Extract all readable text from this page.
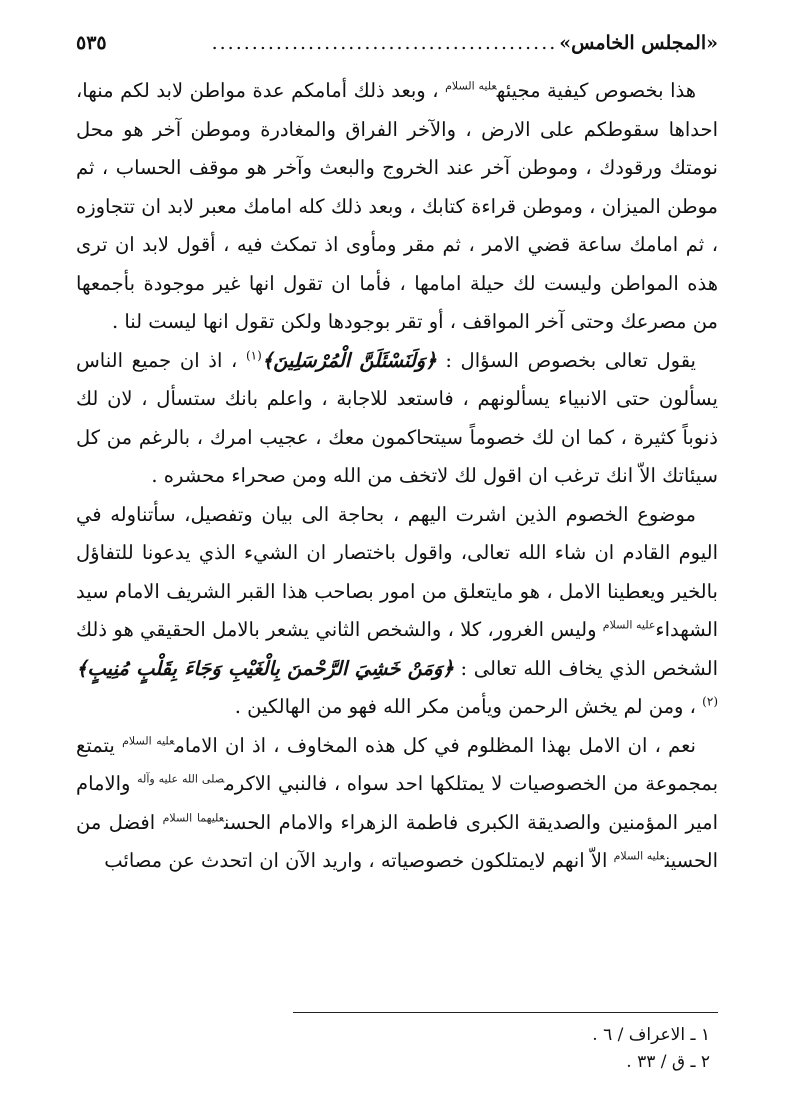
«المجلس الخامس»
...........................................
٥٣٥

هذا بخصوص كيفية مجيئه$^{عليه السلام}$ ، وبعد ذلك أمامكم عدة مواطن لابد لكم منها، احداها سقوطكم على الارض ، والآخر الفراق والمغادرة وموطن آخر هو محل نومتك ورقودك ، وموطن آخر عند الخروج والبعث وآخر هو موقف الحساب ، ثم موطن الميزان ، وموطن قراءة كتابك ، وبعد ذلك كله امامك معبر لابد ان تتجاوزه ، ثم امامك ساعة قضي الامر ، ثم مقر ومأوى اذ تمكث فيه ، أقول لابد ان ترى هذه المواطن وليست لك حيلة امامها ، فأما ان تقول انها غير موجودة بأجمعها من مصرعك وحتى آخر المواقف ، أو تقر بوجودها ولكن تقول انها ليست لنا .

يقول تعالى بخصوص السؤال : ﴿وَلَنَسْئَلَنَّ الْمُرْسَلِينَ﴾$^{(١)}$ ، اذ ان جميع الناس يسألون حتى الانبياء يسألونهم ، فاستعد للاجابة ، واعلم بانك ستسأل ، لان لك ذنوباً كثيرة ، كما ان لك خصوماً سيتحاكمون معك ، عجيب امرك ، بالرغم من كل سيئاتك الاّ انك ترغب ان اقول لك لاتخف من الله ومن صحراء محشره .

موضوع الخصوم الذين اشرت اليهم ، بحاجة الى بيان وتفصيل، سأتناوله في اليوم القادم ان شاء الله تعالى، واقول باختصار ان الشيء الذي يدعونا للتفاؤل بالخير ويعطينا الامل ، هو مايتعلق من امور بصاحب هذا القبر الشريف الامام سيد الشهداء$^{عليه السلام}$ وليس الغرور، كلا ، والشخص الثاني يشعر بالامل الحقيقي هو ذلك الشخص الذي يخاف الله تعالى : ﴿وَمَنْ خَشِيَ الرَّحْمنَ بِالْغَيْبِ وَجَاءَ بِقَلْبٍ مُنِيبٍ﴾$^{(٢)}$ ، ومن لم يخش الرحمن ويأمن مكر الله فهو من الهالكين .

نعم ، ان الامل بهذا المظلوم في كل هذه المخاوف ، اذ ان الامام$^{عليه السلام}$ يتمتع بمجموعة من الخصوصيات لا يمتلكها احد سواه ، فالنبي الاكرم$^{صلى الله عليه وآله}$ والامام امير المؤمنين والصديقة الكبرى فاطمة الزهراء والامام الحسن$^{عليهما السلام}$ افضل من الحسين$^{عليه السلام}$ الاّ انهم لايمتلكون خصوصياته ، واريد الآن ان اتحدث عن مصائب

١ ـ الاعراف / ٦ .
٢ ـ ق / ٣٣ .
